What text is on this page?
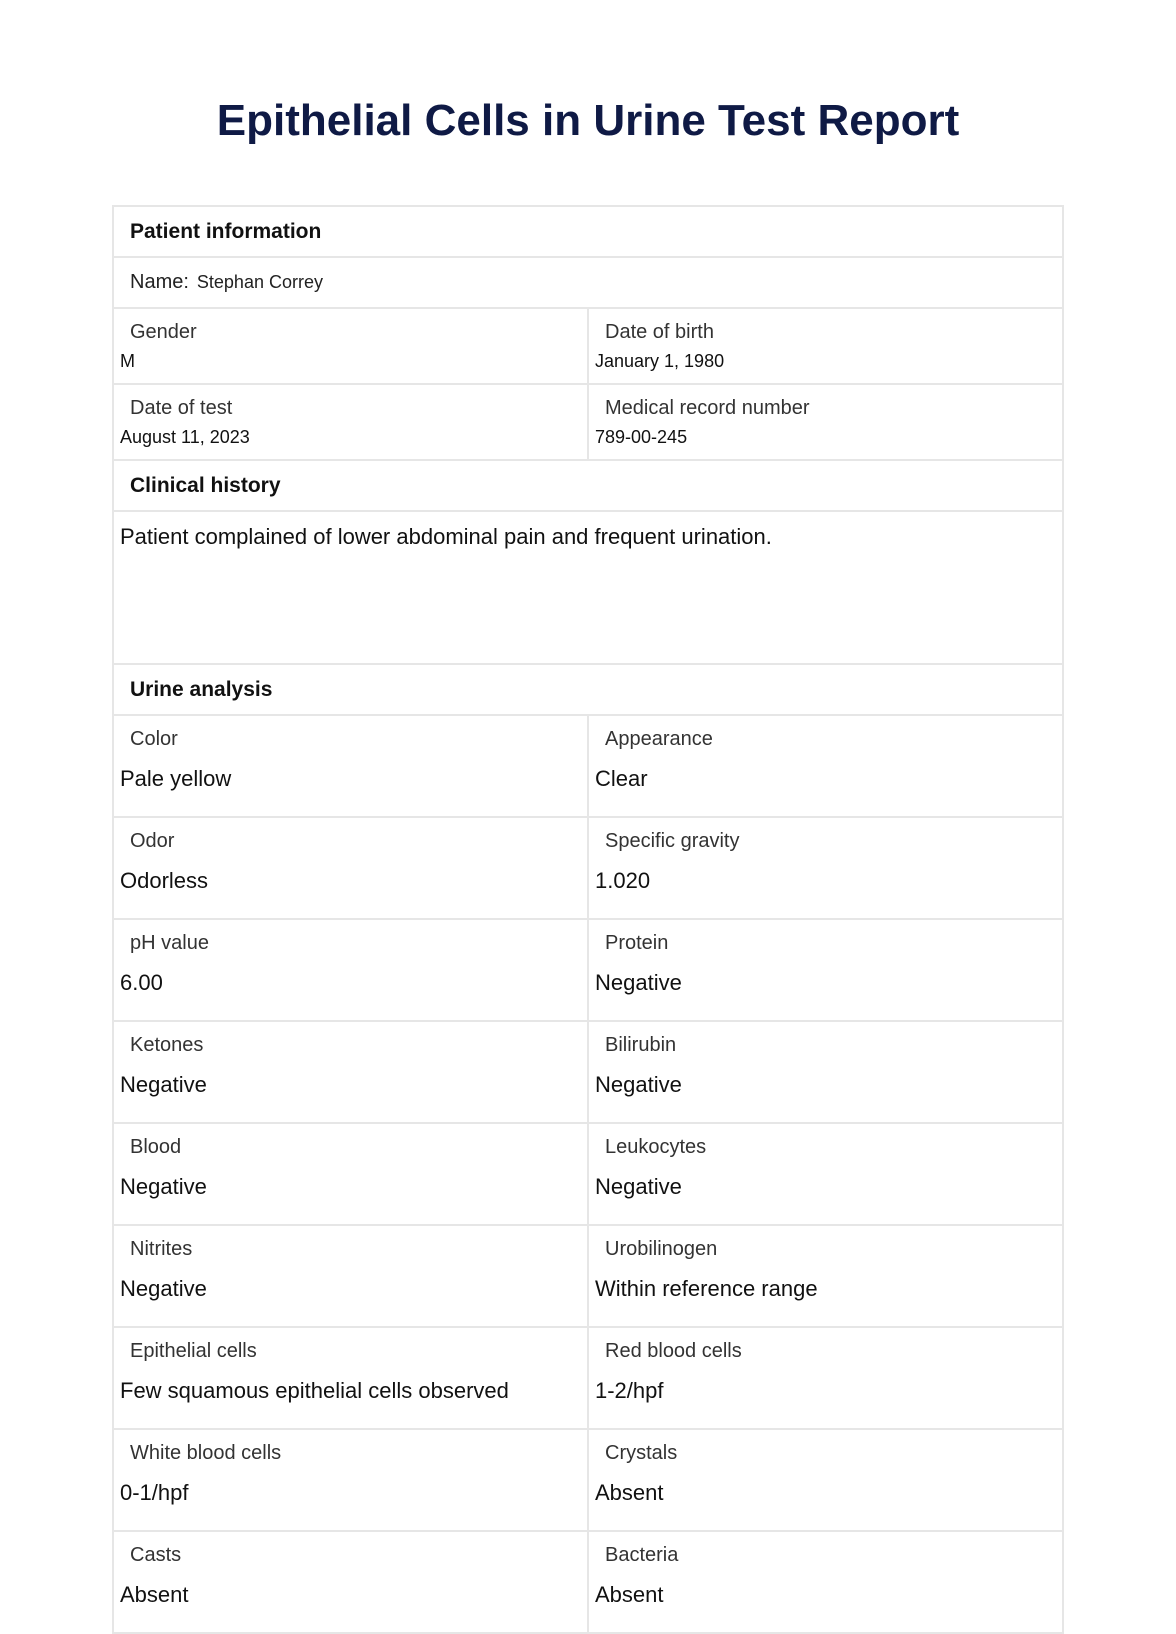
Epithelial Cells in Urine Test Report
Patient information
Name: Stephan Correy
Gender
M
Date of birth
January 1, 1980
Date of test
August 11, 2023
Medical record number
789-00-245
Clinical history
Patient complained of lower abdominal pain and frequent urination.
Urine analysis
Color
Pale yellow
Appearance
Clear
Odor
Odorless
Specific gravity
1.020
pH value
6.00
Protein
Negative
Ketones
Negative
Bilirubin
Negative
Blood
Negative
Leukocytes
Negative
Nitrites
Negative
Urobilinogen
Within reference range
Epithelial cells
Few squamous epithelial cells observed
Red blood cells
1-2/hpf
White blood cells
0-1/hpf
Crystals
Absent
Casts
Absent
Bacteria
Absent
